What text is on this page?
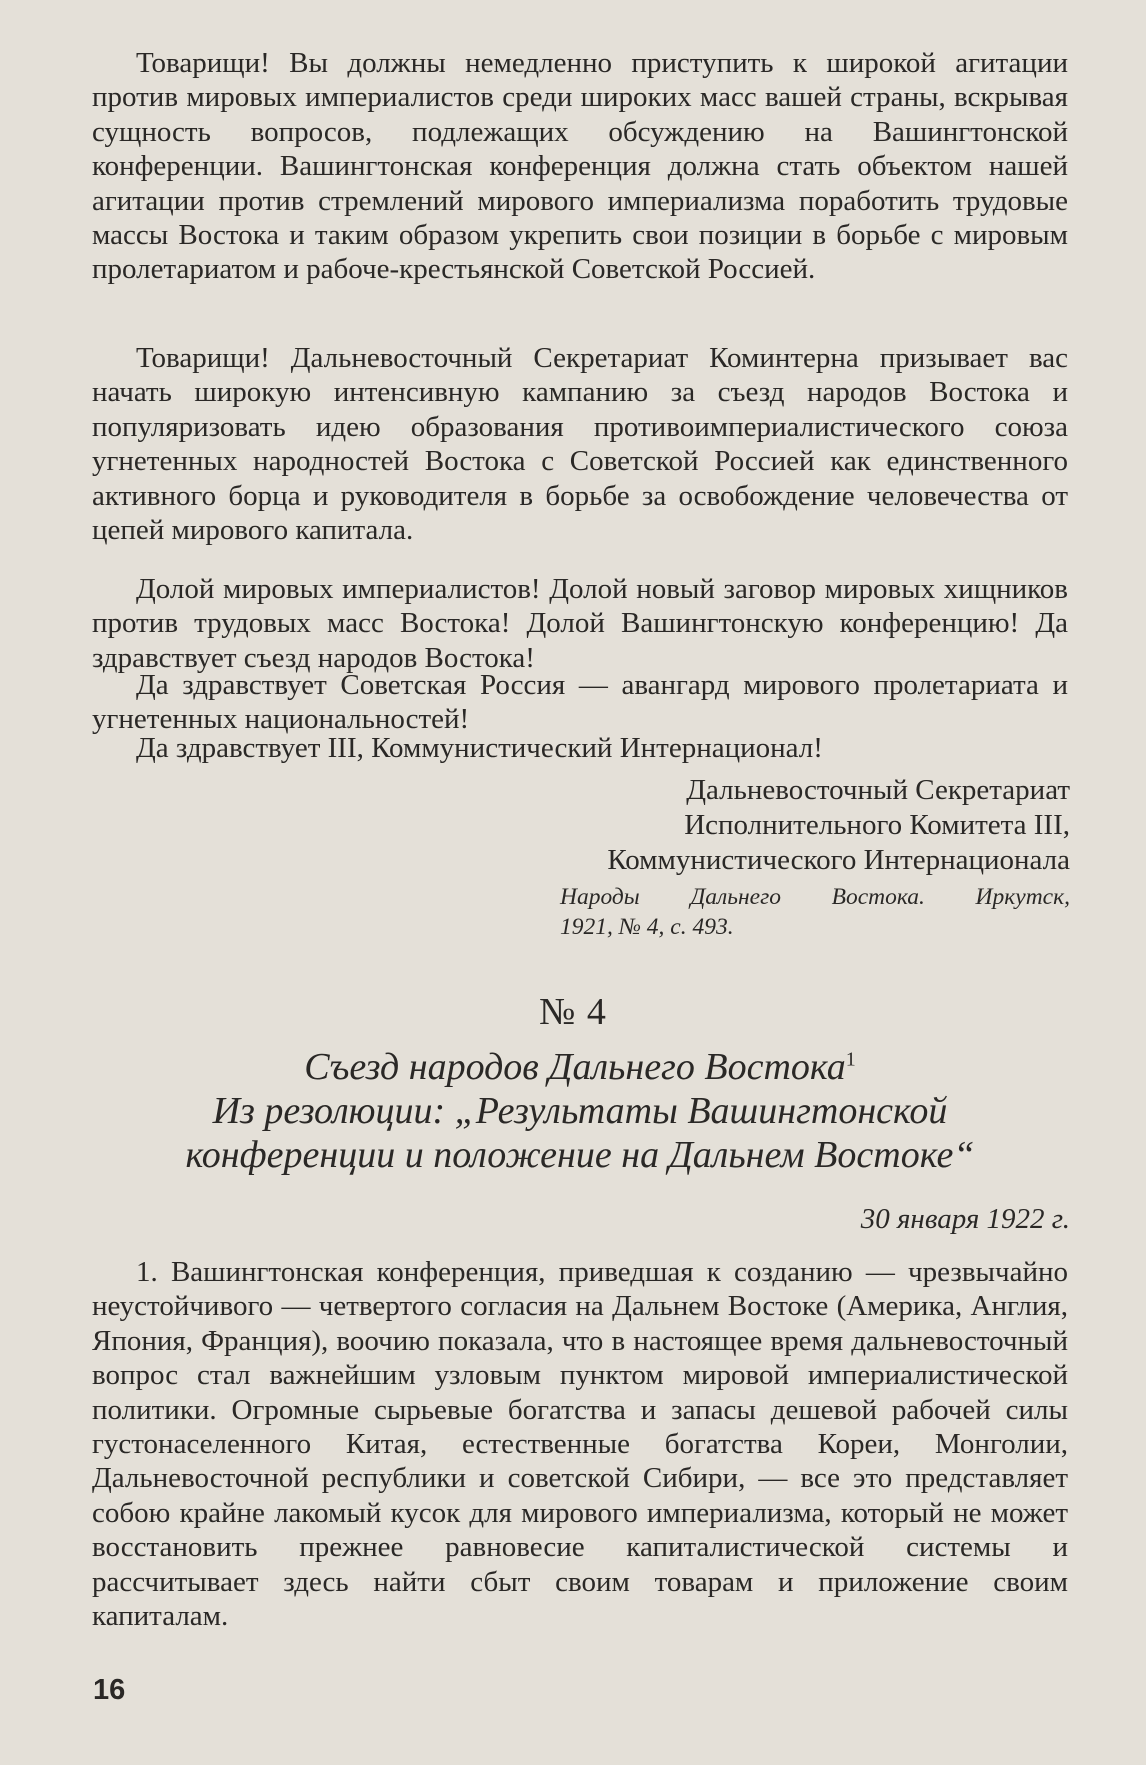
Товарищи! Вы должны немедленно приступить к широкой агитации против мировых империалистов среди широких масс вашей страны, вскрывая сущность вопросов, подлежащих обсуждению на Вашингтонской конференции. Вашингтонская конференция должна стать объектом нашей агитации против стремлений мирового империализма поработить трудовые массы Востока и таким образом укрепить свои позиции в борьбе с мировым пролетариатом и рабоче-крестьянской Советской Россией.
Товарищи! Дальневосточный Секретариат Коминтерна призывает вас начать широкую интенсивную кампанию за съезд народов Востока и популяризовать идею образования противоимпериалистического союза угнетенных народностей Востока с Советской Россией как единственного активного борца и руководителя в борьбе за освобождение человечества от цепей мирового капитала.
Долой мировых империалистов! Долой новый заговор мировых хищников против трудовых масс Востока! Долой Вашингтонскую конференцию! Да здравствует съезд народов Востока!
Да здравствует Советская Россия — авангард мирового пролетариата и угнетенных национальностей!
Да здравствует III, Коммунистический Интернационал!
Дальневосточный Секретариат
Исполнительного Комитета III,
Коммунистического Интернационала
Народы Дальнего Востока. Иркутск,
1921, № 4, с. 493.
№ 4
Съезд народов Дальнего Востока$^1$
Из резолюции: „Результаты Вашингтонской
конференции и положение на Дальнем Востоке“
30 января 1922 г.
1. Вашингтонская конференция, приведшая к созданию — чрезвычайно неустойчивого — четвертого согласия на Дальнем Востоке (Америка, Англия, Япония, Франция), воочию показала, что в настоящее время дальневосточный вопрос стал важнейшим узловым пунктом мировой империалистической политики. Огромные сырьевые богатства и запасы дешевой рабочей силы густонаселенного Китая, естественные богатства Кореи, Монголии, Дальневосточной республики и советской Сибири, — все это представляет собою крайне лакомый кусок для мирового империализма, который не может восстановить прежнее равновесие капиталистической системы и рассчитывает здесь найти сбыт своим товарам и приложение своим капиталам.
16
